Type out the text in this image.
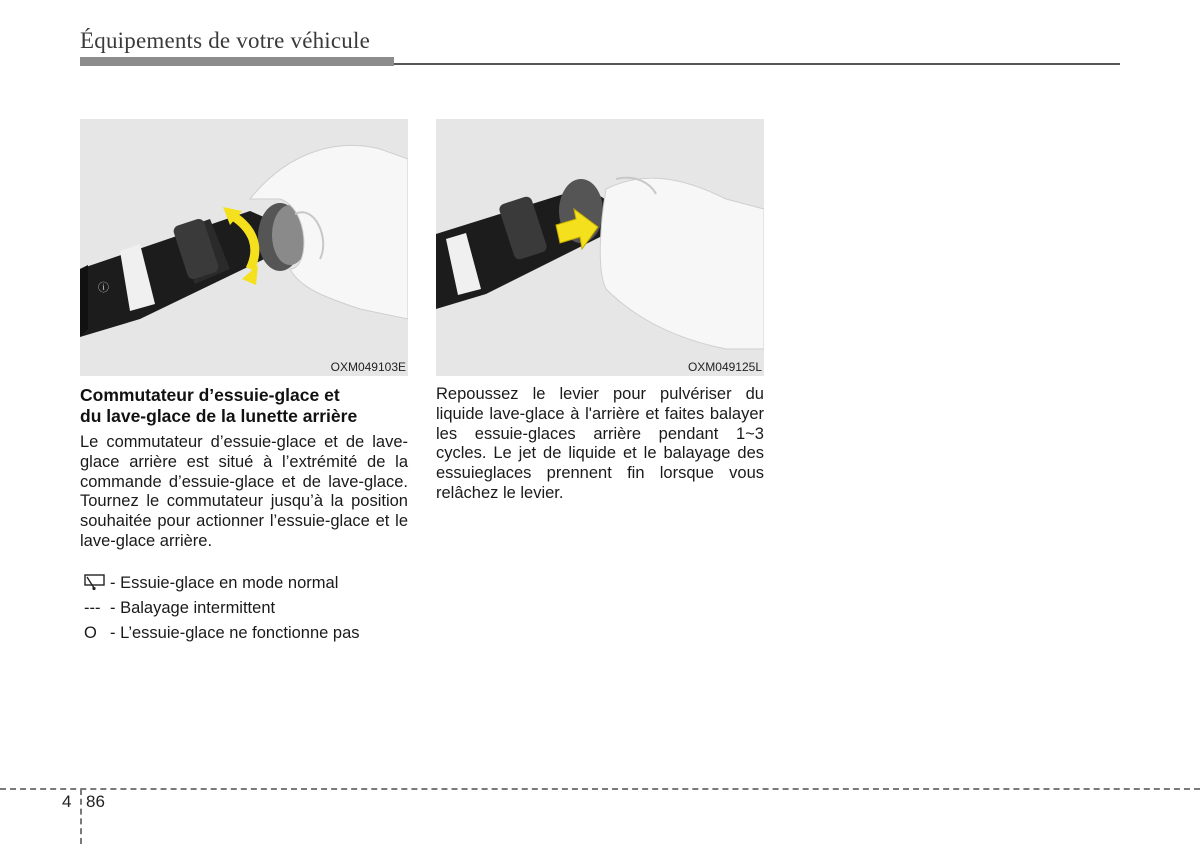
Équipements de votre véhicule
ⓘ
OXM049103E	OXM049125L

Commutateur d’essuie-glace et
du lave-glace de la lunette arrière

Le commutateur d’essuie-glace et de lave-glace arrière est situé à l’extrémité de la commande d’essuie-glace et de lave-glace. Tournez le commutateur jusqu’à la position souhaitée pour actionner l’essuie-glace et le lave-glace arrière.

- Essuie-glace en mode normal
--- - Balayage intermittent
O - L’essuie-glace ne fonctionne pas

Repoussez le levier pour pulvériser du liquide lave-glace à l'arrière et faites balayer les essuie-glaces arrière pendant 1~3 cycles. Le jet de liquide et le balayage des essuieglaces prennent fin lorsque vous relâchez le levier.

4 86
